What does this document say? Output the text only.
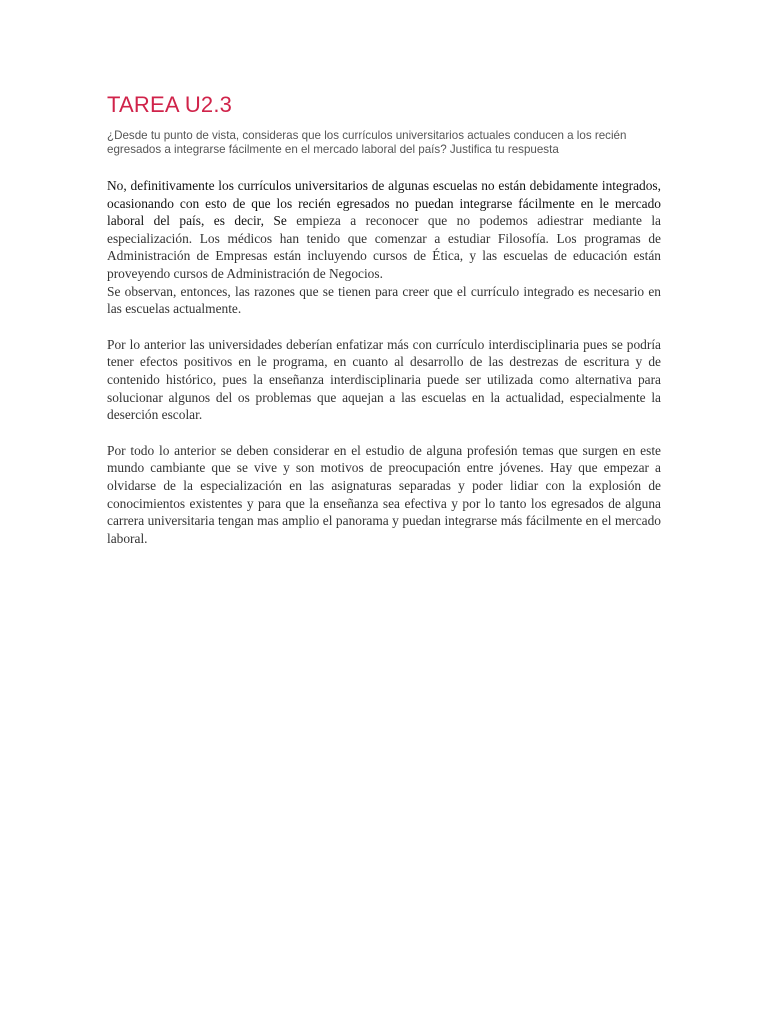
TAREA U2.3

¿Desde tu punto de vista, consideras que los currículos universitarios actuales conducen a los recién egresados a integrarse fácilmente en el mercado laboral del país? Justifica tu respuesta

No, definitivamente los currículos universitarios de algunas escuelas no están debidamente integrados, ocasionando con esto de que los recién egresados no puedan integrarse fácilmente en le mercado laboral del país, es decir, Se empieza a reconocer que no podemos adiestrar mediante la especialización. Los médicos han tenido que comenzar a estudiar Filosofía. Los programas de Administración de Empresas están incluyendo cursos de Ética, y las escuelas de educación están proveyendo cursos de Administración de Negocios.

Se observan, entonces, las razones que se tienen para creer que el currículo integrado es necesario en las escuelas actualmente.

Por lo anterior las universidades deberían enfatizar más con currículo interdisciplinaria pues se podría tener efectos positivos en le programa, en cuanto al desarrollo de las destrezas de escritura y de contenido histórico, pues la enseñanza interdisciplinaria puede ser utilizada como alternativa para solucionar algunos del os problemas que aquejan a las escuelas en la actualidad, especialmente la deserción escolar.

Por todo lo anterior se deben considerar en el estudio de alguna profesión temas que surgen en este mundo cambiante que se vive y son motivos de preocupación entre jóvenes. Hay que empezar a olvidarse de la especialización en las asignaturas separadas y poder lidiar con la explosión de conocimientos existentes y para que la enseñanza sea efectiva y por lo tanto los egresados de alguna carrera universitaria tengan mas amplio el panorama y puedan integrarse más fácilmente en el mercado laboral.
